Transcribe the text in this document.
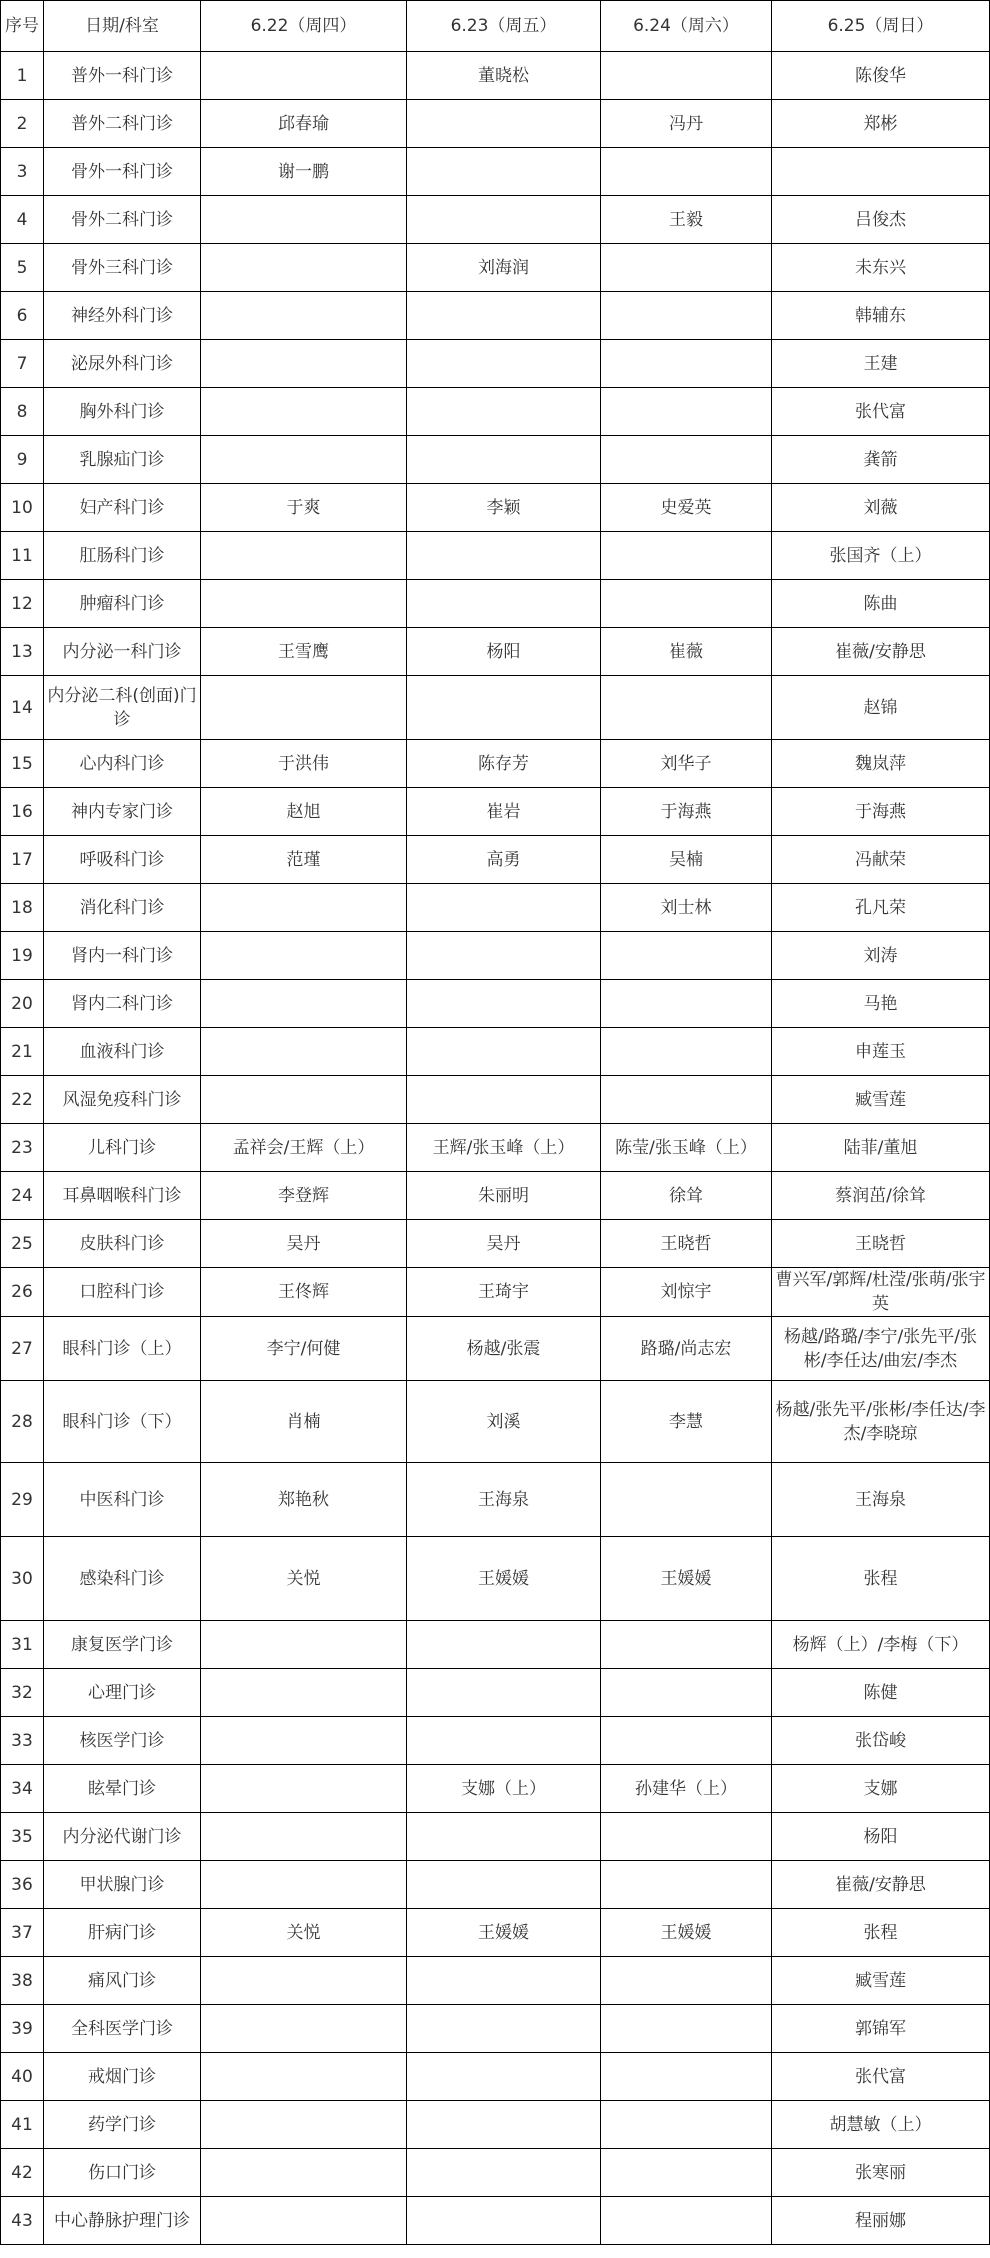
序号	日期/科室	6.22（周四）	6.23（周五）	6.24（周六）	6.25（周日）
1	普外一科门诊		董晓松		陈俊华
2	普外二科门诊	邱春瑜		冯丹	郑彬
3	骨外一科门诊	谢一鹏			
4	骨外二科门诊			王毅	吕俊杰
5	骨外三科门诊		刘海润		未东兴
6	神经外科门诊				韩辅东
7	泌尿外科门诊				王建
8	胸外科门诊				张代富
9	乳腺疝门诊				龚箭
10	妇产科门诊	于爽	李颖	史爱英	刘薇
11	肛肠科门诊				张国齐（上）
12	肿瘤科门诊				陈曲
13	内分泌一科门诊	王雪鹰	杨阳	崔薇	崔薇/安静思
14	内分泌二科(创面)门诊				赵锦
15	心内科门诊	于洪伟	陈存芳	刘华子	魏岚萍
16	神内专家门诊	赵旭	崔岩	于海燕	于海燕
17	呼吸科门诊	范瑾	高勇	吴楠	冯献荣
18	消化科门诊			刘士林	孔凡荣
19	肾内一科门诊				刘涛
20	肾内二科门诊				马艳
21	血液科门诊				申莲玉
22	风湿免疫科门诊				臧雪莲
23	儿科门诊	孟祥会/王辉（上）	王辉/张玉峰（上）	陈莹/张玉峰（上）	陆菲/董旭
24	耳鼻咽喉科门诊	李登辉	朱丽明	徐耸	蔡润茁/徐耸
25	皮肤科门诊	吴丹	吴丹	王晓哲	王晓哲
26	口腔科门诊	王佟辉	王琦宇	刘惊宇	曹兴军/郭辉/杜滢/张萌/张宇英
27	眼科门诊（上）	李宁/何健	杨越/张震	路璐/尚志宏	杨越/路璐/李宁/张先平/张彬/李任达/曲宏/李杰
28	眼科门诊（下）	肖楠	刘溪	李慧	杨越/张先平/张彬/李任达/李杰/李晓琼
29	中医科门诊	郑艳秋	王海泉		王海泉
30	感染科门诊	关悦	王媛媛	王媛媛	张程
31	康复医学门诊				杨辉（上）/李梅（下）
32	心理门诊				陈健
33	核医学门诊				张岱峻
34	眩晕门诊		支娜（上）	孙建华（上）	支娜
35	内分泌代谢门诊				杨阳
36	甲状腺门诊				崔薇/安静思
37	肝病门诊	关悦	王媛媛	王媛媛	张程
38	痛风门诊				臧雪莲
39	全科医学门诊				郭锦军
40	戒烟门诊				张代富
41	药学门诊				胡慧敏（上）
42	伤口门诊				张寒丽
43	中心静脉护理门诊				程丽娜
